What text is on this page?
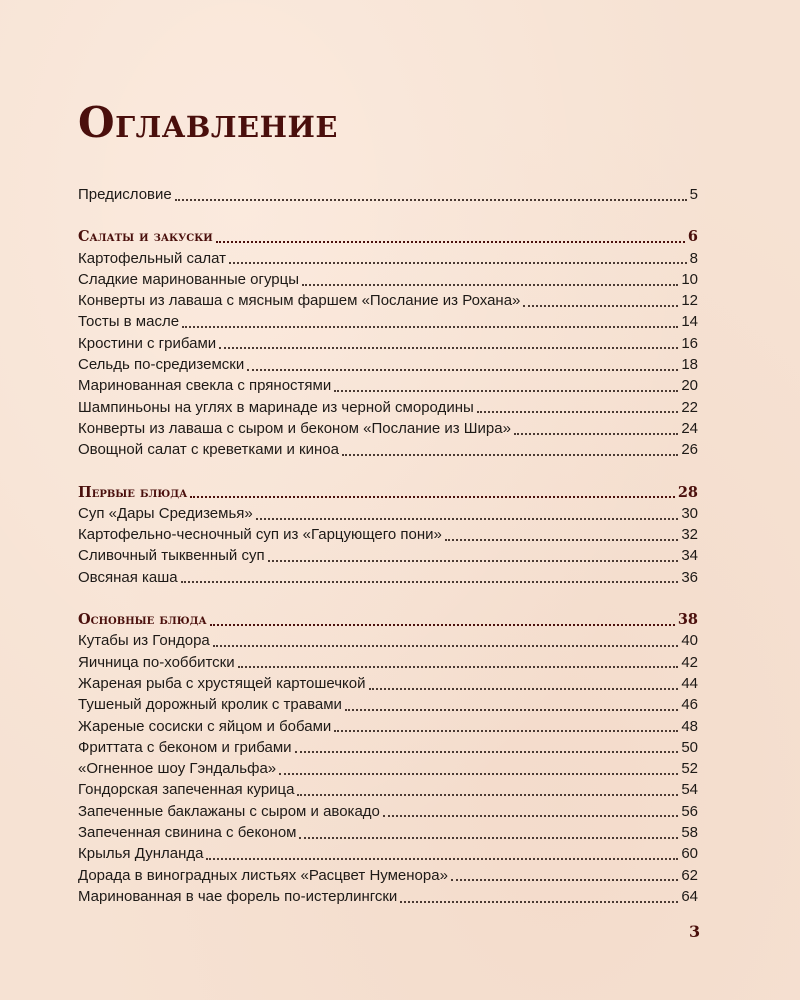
Оглавление
Предисловие	5
Салаты и закуски	6
Картофельный салат	8
Сладкие маринованные огурцы	10
Конверты из лаваша с мясным фаршем «Послание из Рохана»	12
Тосты в масле	14
Кростини с грибами	16
Сельдь по-средиземски	18
Маринованная свекла с пряностями	20
Шампиньоны на углях в маринаде из черной смородины	22
Конверты из лаваша с сыром и беконом «Послание из Шира»	24
Овощной салат с креветками и киноа	26
Первые блюда	28
Суп «Дары Средиземья»	30
Картофельно-чесночный суп из «Гарцующего пони»	32
Сливочный тыквенный суп	34
Овсяная каша	36
Основные блюда	38
Кутабы из Гондора	40
Яичница по-хоббитски	42
Жареная рыба с хрустящей картошечкой	44
Тушеный дорожный кролик с травами	46
Жареные сосиски с яйцом и бобами	48
Фриттата с беконом и грибами	50
«Огненное шоу Гэндальфа»	52
Гондорская запеченная курица	54
Запеченные баклажаны с сыром и авокадо	56
Запеченная свинина с беконом	58
Крылья Дунланда	60
Дорада в виноградных листьях «Расцвет Нуменора»	62
Маринованная в чае форель по-истерлингски	64
3
